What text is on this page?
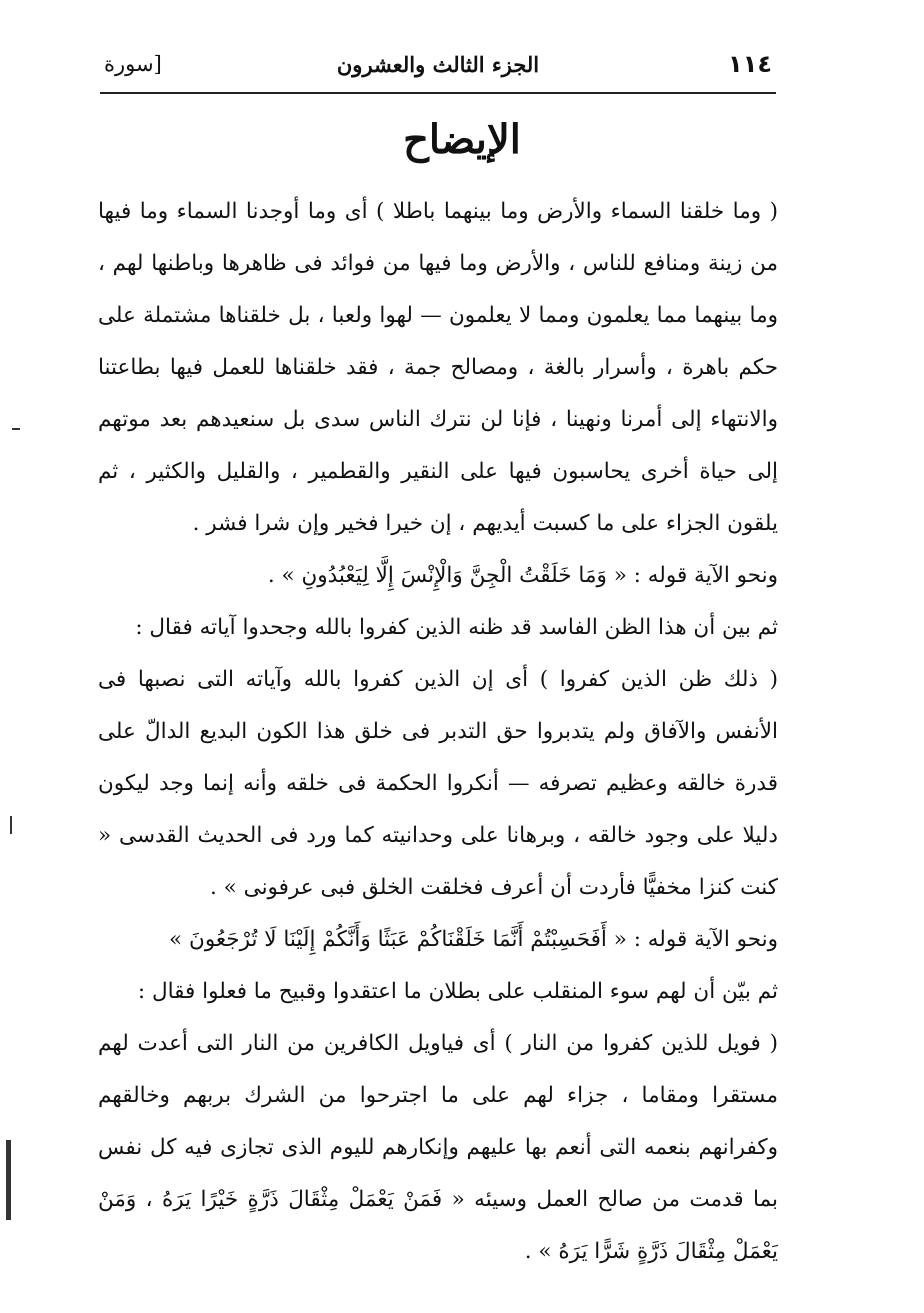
١١٤
الجزء الثالث والعشرون
[سورة
الإيضاح

( وما خلقنا السماء والأرض وما بينهما باطلا ) أى وما أوجدنا السماء وما فيها من زينة ومنافع للناس ، والأرض وما فيها من فوائد فى ظاهرها وباطنها لهم ، وما بينهما مما يعلمون ومما لا يعلمون — لهوا ولعبا ، بل خلقناها مشتملة على حكم باهرة ، وأسرار بالغة ، ومصالح جمة ، فقد خلقناها للعمل فيها بطاعتنا والانتهاء إلى أمرنا ونهينا ، فإنا لن نترك الناس سدى بل سنعيدهم بعد موتهم إلى حياة أخرى يحاسبون فيها على النقير والقطمير ، والقليل والكثير ، ثم يلقون الجزاء على ما كسبت أيديهم ، إن خيرا فخير وإن شرا فشر .

ونحو الآية قوله : « وَمَا خَلَقْتُ الْجِنَّ وَالْإِنْسَ إِلَّا لِيَعْبُدُونِ » .

ثم بين أن هذا الظن الفاسد قد ظنه الذين كفروا بالله وجحدوا آياته فقال :

( ذلك ظن الذين كفروا ) أى إن الذين كفروا بالله وآياته التى نصبها فى الأنفس والآفاق ولم يتدبروا حق التدبر فى خلق هذا الكون البديع الدالّ على قدرة خالقه وعظيم تصرفه — أنكروا الحكمة فى خلقه وأنه إنما وجد ليكون دليلا على وجود خالقه ، وبرهانا على وحدانيته كما ورد فى الحديث القدسى « كنت كنزا مخفيًّا فأردت أن أعرف فخلقت الخلق فبى عرفونى » .

ونحو الآية قوله : « أَفَحَسِبْتُمْ أَنَّمَا خَلَقْنَاكُمْ عَبَثًا وَأَنَّكُمْ إِلَيْنَا لَا تُرْجَعُونَ »

ثم بيّن أن لهم سوء المنقلب على بطلان ما اعتقدوا وقبيح ما فعلوا فقال :

( فويل للذين كفروا من النار ) أى فياويل الكافرين من النار التى أعدت لهم مستقرا ومقاما ، جزاء لهم على ما اجترحوا من الشرك بربهم وخالقهم وكفرانهم بنعمه التى أنعم بها عليهم وإنكارهم لليوم الذى تجازى فيه كل نفس بما قدمت من صالح العمل وسيئه « فَمَنْ يَعْمَلْ مِثْقَالَ ذَرَّةٍ خَيْرًا يَرَهُ ، وَمَنْ يَعْمَلْ مِثْقَالَ ذَرَّةٍ شَرًّا يَرَهُ » .
